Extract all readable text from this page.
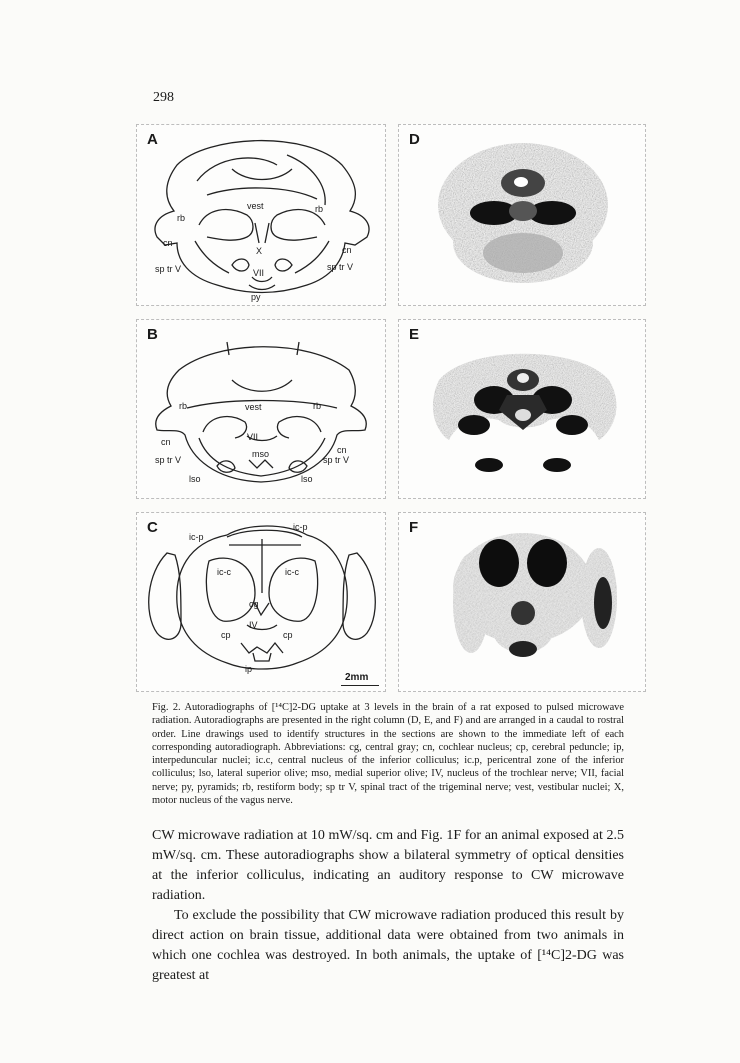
298
A
vest
rb
rb
cn-
cn
X
sp tr V	sp tr V
VII
py
D
B
rb	vest	rb
VII
cn
cn
mso
sp tr V	sp tr V
lso	lso
E
C
ic-p
ic-p
ic-c	ic-c
cg
IV
cp	cp
ip
2mm
F
Fig. 2. Autoradiographs of [¹⁴C]2-DG uptake at 3 levels in the brain of a rat exposed to pulsed microwave radiation. Autoradiographs are presented in the right column (D, E, and F) and are arranged in a caudal to rostral order. Line drawings used to identify structures in the sections are shown to the immediate left of each corresponding autoradiograph. Abbreviations: cg, central gray; cn, cochlear nucleus; cp, cerebral peduncle; ip, interpeduncular nuclei; ic.c, central nucleus of the inferior colliculus; ic.p, pericentral zone of the inferior colliculus; lso, lateral superior olive; mso, medial superior olive; IV, nucleus of the trochlear nerve; VII, facial nerve; py, pyramids; rb, restiform body; sp tr V, spinal tract of the trigeminal nerve; vest, vestibular nuclei; X, motor nucleus of the vagus nerve.

CW microwave radiation at 10 mW/sq. cm and Fig. 1F for an animal exposed at 2.5 mW/sq. cm. These autoradiographs show a bilateral symmetry of optical densities at the inferior colliculus, indicating an auditory response to CW microwave radiation.

To exclude the possibility that CW microwave radiation produced this result by direct action on brain tissue, additional data were obtained from two animals in which one cochlea was destroyed. In both animals, the uptake of [¹⁴C]2-DG was greatest at
